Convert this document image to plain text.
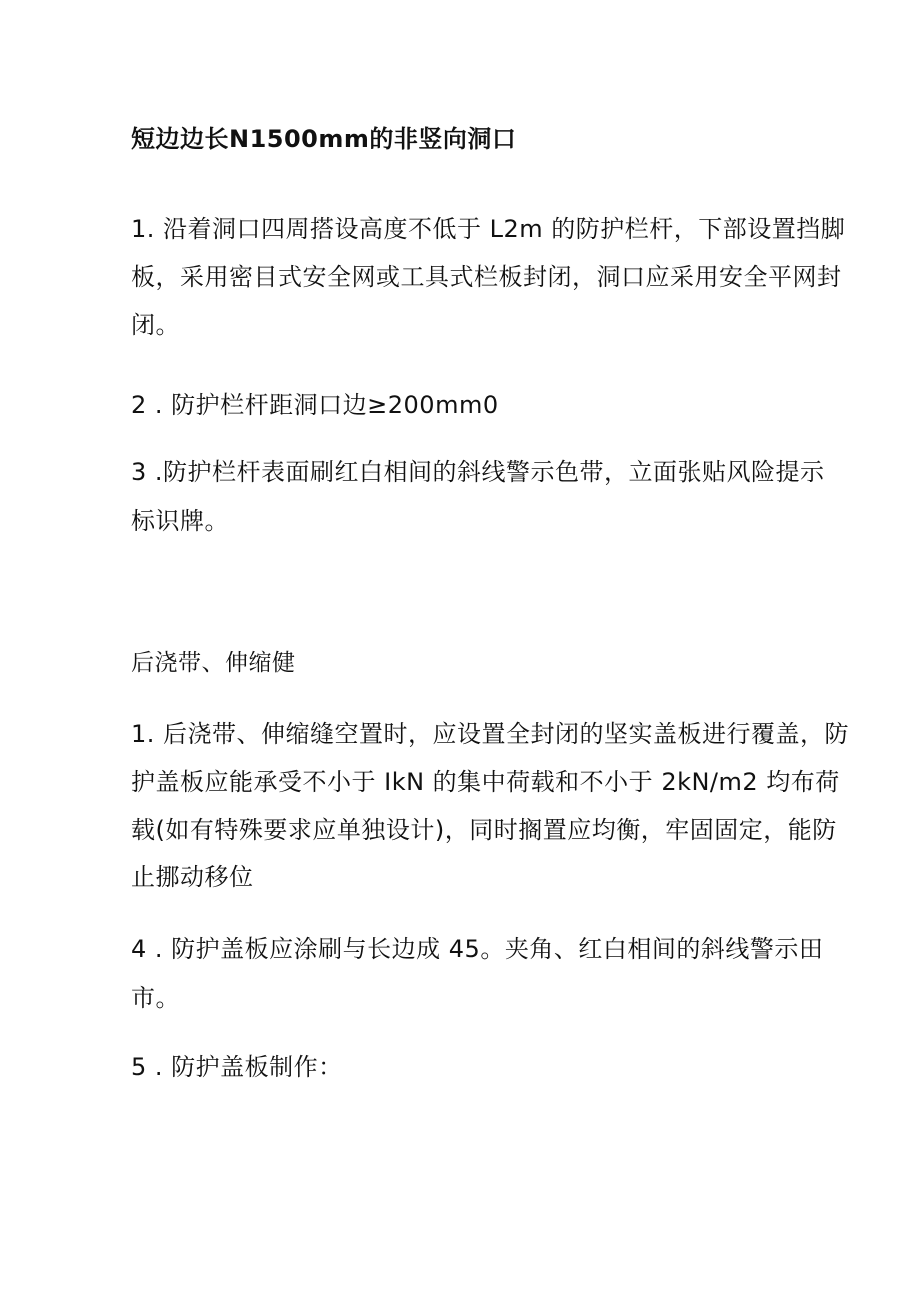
短边边长N1500mm的非竖向洞口
1. 沿着洞口四周搭设高度不低于 L2m 的防护栏杆，下部设置挡脚
板，采用密目式安全网或工具式栏板封闭，洞口应采用安全平网封
闭。
2 . 防护栏杆距洞口边≥200mm0
3 .防护栏杆表面刷红白相间的斜线警示色带，立面张贴风险提示
标识牌。
后浇带、伸缩健
1. 后浇带、伸缩缝空置时，应设置全封闭的坚实盖板进行覆盖，防
护盖板应能承受不小于 IkN 的集中荷载和不小于 2kN/m2 均布荷
载(如有特殊要求应单独设计)，同时搁置应均衡，牢固固定，能防
止挪动移位
4 . 防护盖板应涂刷与长边成 45。夹角、红白相间的斜线警示田
市。
5 . 防护盖板制作：
